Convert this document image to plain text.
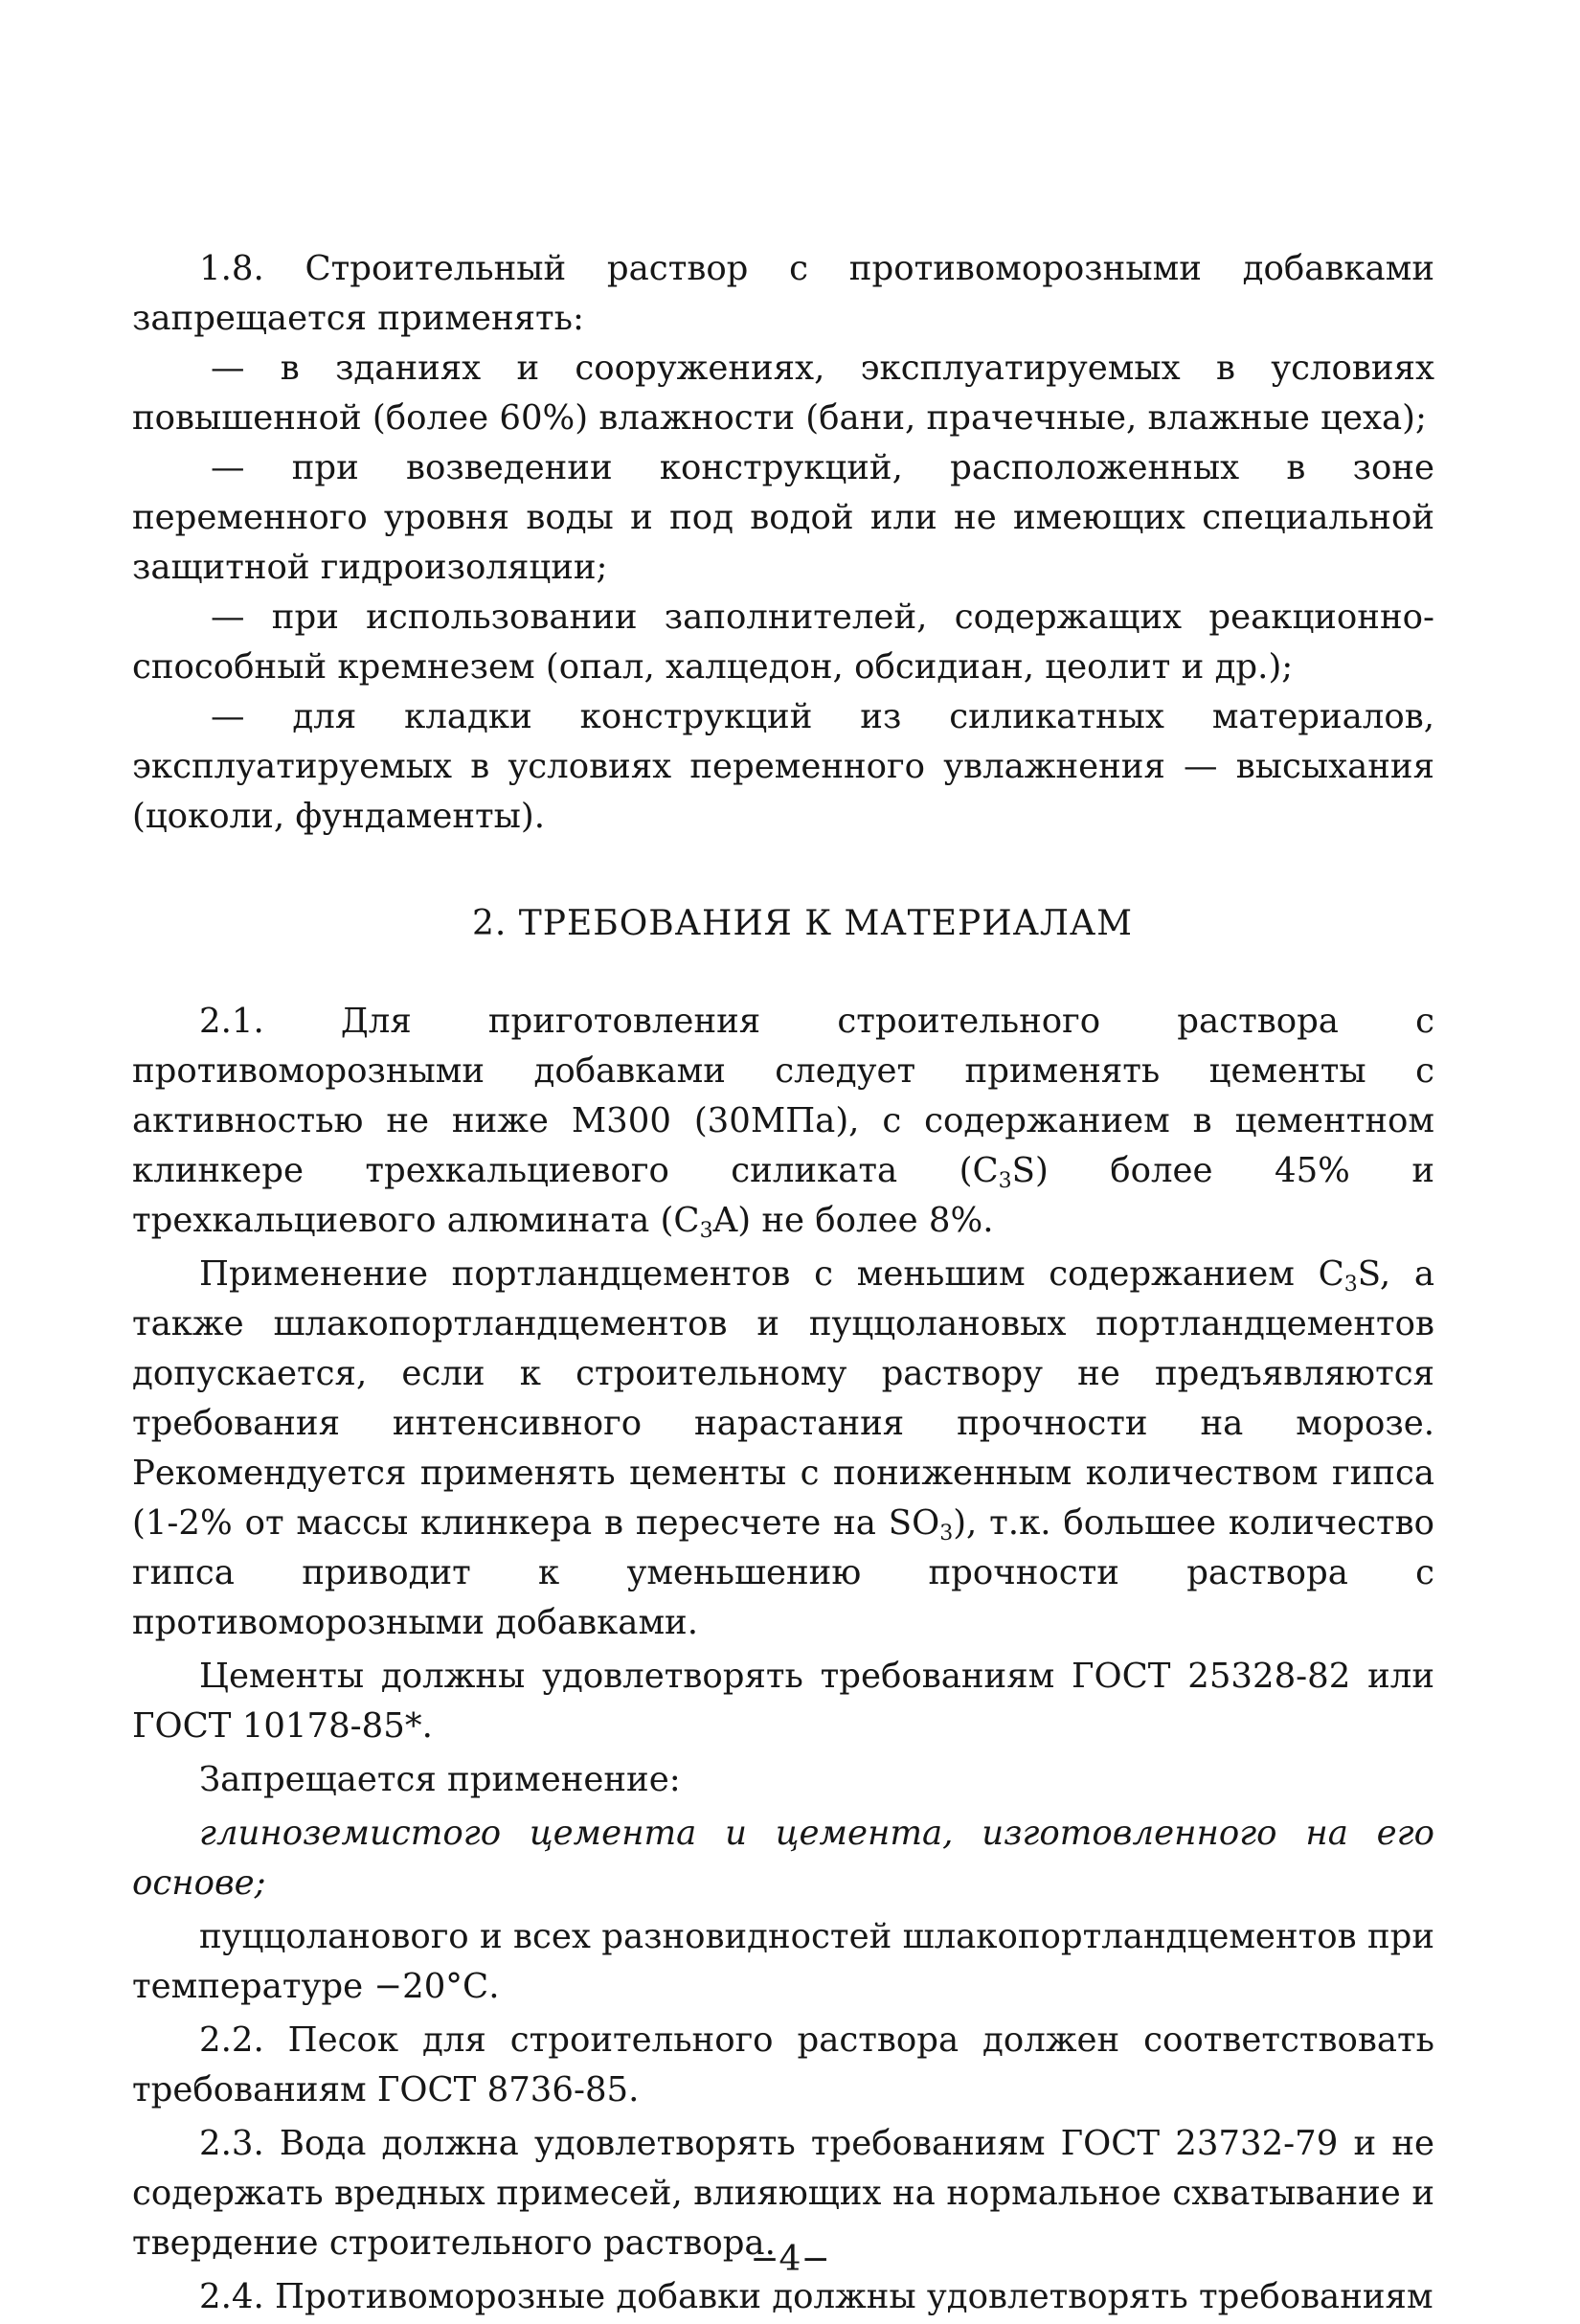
1.8. Строительный раствор с противоморозными добавками запрещается применять:

— в зданиях и сооружениях, эксплуатируемых в условиях повышенной (более 60%) влажности (бани, прачечные, влажные цеха);

— при возведении конструкций, расположенных в зоне переменного уровня воды и под водой или не имеющих специальной защитной гидроизоляции;

— при использовании заполнителей, содержащих реакционно-способный кремнезем (опал, халцедон, обсидиан, цеолит и др.);

— для кладки конструкций из силикатных материалов, эксплуатируемых в условиях переменного увлажнения — высыхания (цоколи, фундаменты).

2. ТРЕБОВАНИЯ К МАТЕРИАЛАМ

2.1. Для приготовления строительного раствора с противоморозными добавками следует применять цементы с активностью не ниже М300 (30МПа), с содержанием в цементном клинкере трехкальциевого силиката $(C_3S)$ более 45% и трехкальциевого алюмината $(C_3A)$ не более 8%.

Применение портландцементов с меньшим содержанием $C_3S$, а также шлакопортландцементов и пуццолановых портландцементов допускается, если к строительному раствору не предъявляются требования интенсивного нарастания прочности на морозе. Рекомендуется применять цементы с пониженным количеством гипса (1-2% от массы клинкера в пересчете на $SO_3$), т.к. большее количество гипса приводит к уменьшению прочности раствора с противоморозными добавками.

Цементы должны удовлетворять требованиям ГОСТ 25328-82 или ГОСТ 10178-85*.

Запрещается применение:

глиноземистого цемента и цемента, изготовленного на его основе;

пуццоланового и всех разновидностей шлакопортландцементов при температуре −20°С.

2.2. Песок для строительного раствора должен соответствовать требованиям ГОСТ 8736-85.

2.3. Вода должна удовлетворять требованиям ГОСТ 23732-79 и не содержать вредных примесей, влияющих на нормальное схватывание и твердение строительного раствора.

2.4. Противоморозные добавки должны удовлетворять требованиям

−4−
